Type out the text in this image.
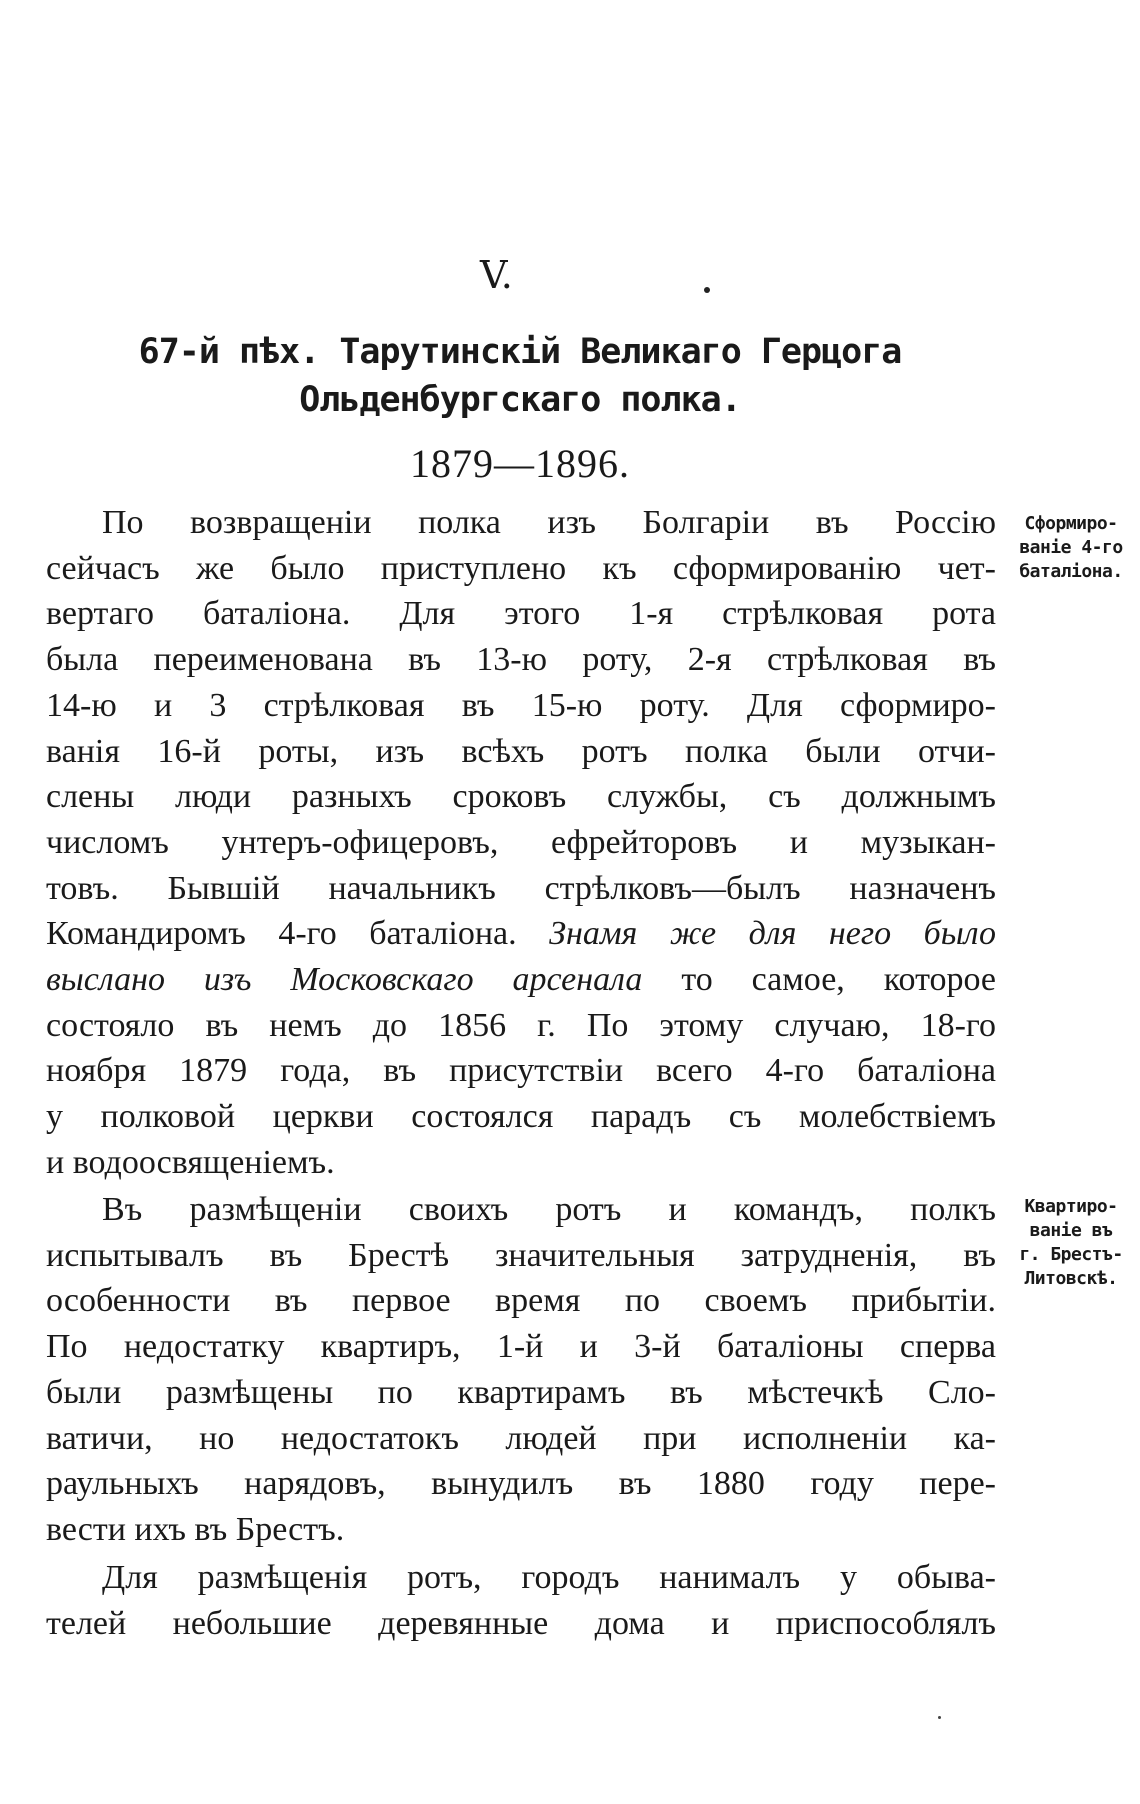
V.
67-й пѣх. Тарутинскій Великаго Герцога
Ольденбургскаго полка.
1879—1896.
По возвращеніи полка изъ Болгаріи въ Россію
сейчасъ же было приступлено къ сформированію чет-
вертаго баталіона. Для этого 1-я стрѣлковая рота
была переименована въ 13-ю роту, 2-я стрѣлковая въ
14-ю и 3 стрѣлковая въ 15-ю роту. Для сформиро-
ванія 16-й роты, изъ всѣхъ ротъ полка были отчи-
слены люди разныхъ сроковъ службы, съ должнымъ
числомъ унтеръ-офицеровъ, ефрейторовъ и музыкан-
товъ. Бывшій начальникъ стрѣлковъ—былъ назначенъ
Командиромъ 4-го баталіона. Знамя же для него было
выслано изъ Московскаго арсенала то самое, которое
состояло въ немъ до 1856 г. По этому случаю, 18-го
ноября 1879 года, въ присутствіи всего 4-го баталіона
у полковой церкви состоялся парадъ съ молебствіемъ
и водоосвященіемъ.
Сформиро-
ваніе 4-го
баталіона.
Въ размѣщеніи своихъ ротъ и командъ, полкъ
испытывалъ въ Брестѣ значительныя затрудненія, въ
особенности въ первое время по своемъ прибытіи.
По недостатку квартиръ, 1-й и 3-й баталіоны сперва
были размѣщены по квартирамъ въ мѣстечкѣ Сло-
ватичи, но недостатокъ людей при исполненіи ка-
раульныхъ нарядовъ, вынудилъ въ 1880 году пере-
вести ихъ въ Брестъ.
Квартиро-
ваніе въ
г. Брестъ-
Литовскѣ.
Для размѣщенія ротъ, городъ нанималъ у обыва-
телей небольшие деревянные дома и приспособлялъ
